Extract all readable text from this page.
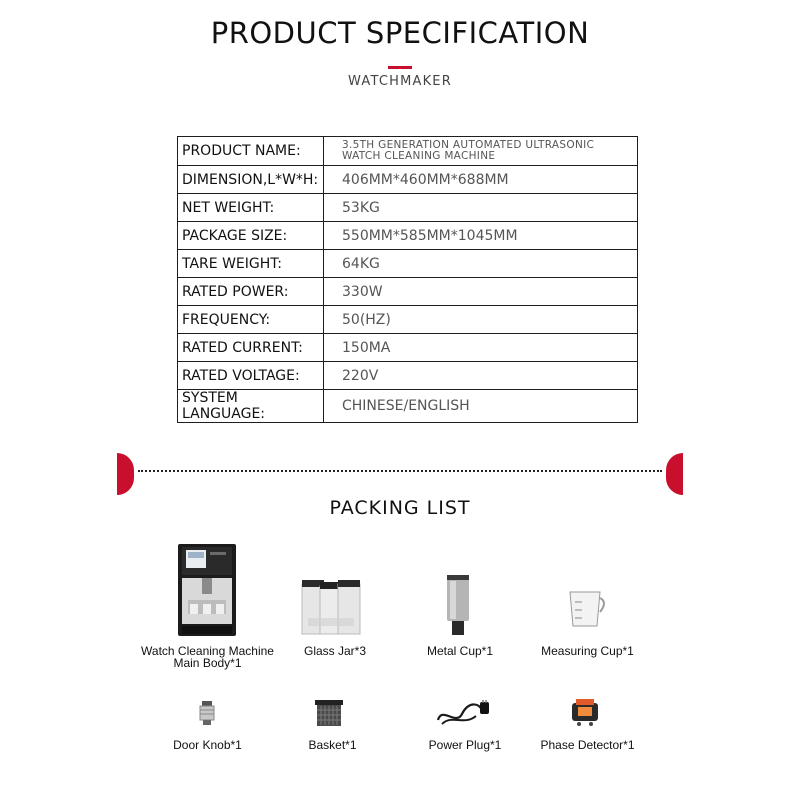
PRODUCT SPECIFICATION
WATCHMAKER
PRODUCT NAME:	3.5TH GENERATION AUTOMATED ULTRASONIC
WATCH CLEANING MACHINE

DIMENSION,L*W*H:	406MM*460MM*688MM
NET WEIGHT:	53KG
PACKAGE SIZE:	550MM*585MM*1045MM
TARE WEIGHT:	64KG
RATED POWER:	330W
FREQUENCY:	50(HZ)
RATED CURRENT:	150MA
RATED VOLTAGE:	220V
SYSTEM LANGUAGE:	CHINESE/ENGLISH
PACKING LIST
Watch Cleaning Machine
Main Body*1
Glass Jar*3	Metal Cup*1	Measuring Cup*1
Door Knob*1	Basket*1	Power Plug*1	Phase Detector*1
